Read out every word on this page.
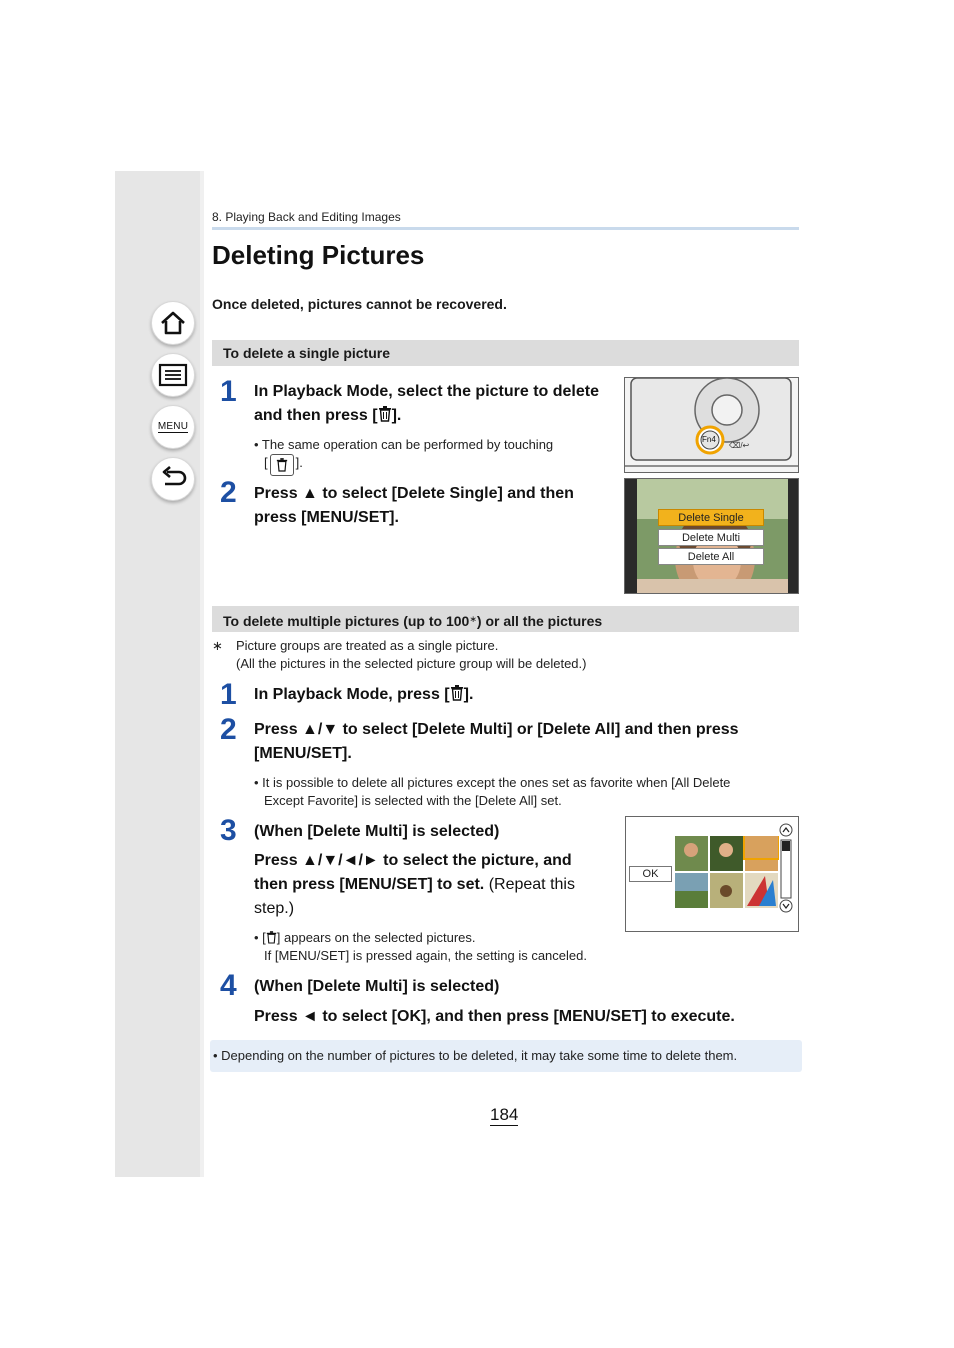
MENU
8. Playing Back and Editing Images
Deleting Pictures
Once deleted, pictures cannot be recovered.
To delete a single picture
1 In Playback Mode, select the picture to delete
and then press [ ].
• The same operation can be performed by touching
[ ].
2 Press ▲ to select [Delete Single] and then
press [MENU/SET].
⌫/↩
Fn4
Delete Single
Delete Multi
Delete All
To delete multiple pictures (up to 100∗) or all the pictures
∗ Picture groups are treated as a single picture.
(All the pictures in the selected picture group will be deleted.)
1 In Playback Mode, press [ ].
2 Press ▲/▼ to select [Delete Multi] or [Delete All] and then press
[MENU/SET].
• It is possible to delete all pictures except the ones set as favorite when [All Delete
Except Favorite] is selected with the [Delete All] set.
3 (When [Delete Multi] is selected)
Press ▲/▼/◄/► to select the picture, and
then press [MENU/SET] to set. (Repeat this
step.)
• [ ] appears on the selected pictures.
If [MENU/SET] is pressed again, the setting is canceled.
OK
4 (When [Delete Multi] is selected)
Press ◄ to select [OK], and then press [MENU/SET] to execute.
• Depending on the number of pictures to be deleted, it may take some time to delete them.
184
